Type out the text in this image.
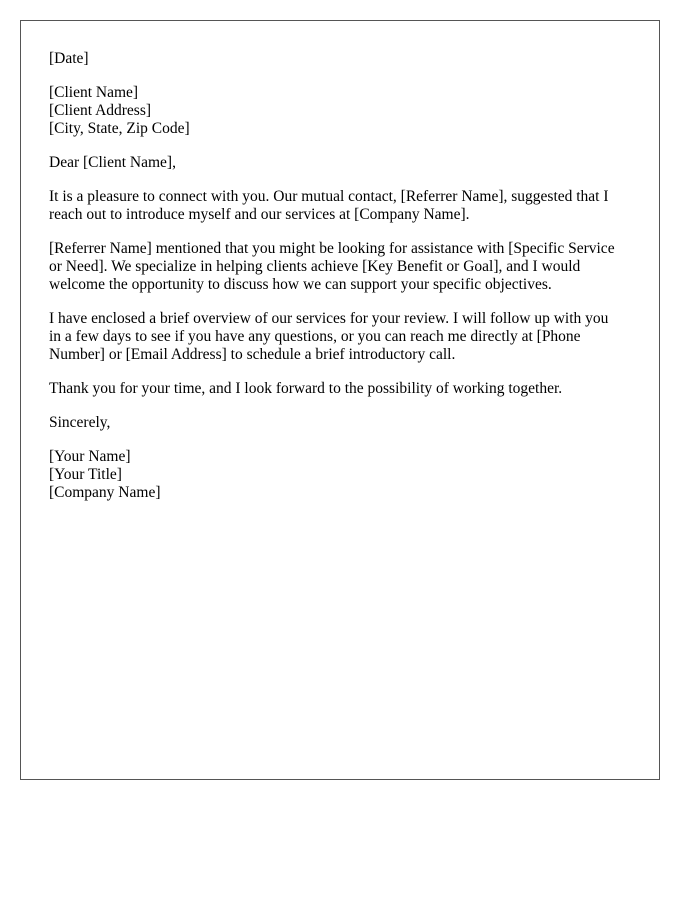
[Date]
[Client Name]
[Client Address]
[City, State, Zip Code]
Dear [Client Name],
It is a pleasure to connect with you. Our mutual contact, [Referrer Name], suggested that I
reach out to introduce myself and our services at [Company Name].
[Referrer Name] mentioned that you might be looking for assistance with [Specific Service
or Need]. We specialize in helping clients achieve [Key Benefit or Goal], and I would
welcome the opportunity to discuss how we can support your specific objectives.
I have enclosed a brief overview of our services for your review. I will follow up with you
in a few days to see if you have any questions, or you can reach me directly at [Phone
Number] or [Email Address] to schedule a brief introductory call.
Thank you for your time, and I look forward to the possibility of working together.
Sincerely,
[Your Name]
[Your Title]
[Company Name]
